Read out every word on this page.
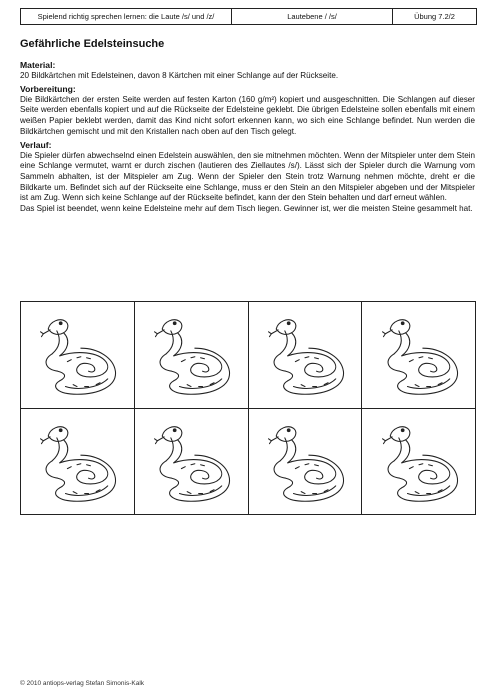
Spielend richtig sprechen lernen: die Laute /s/ und /z/	Lautebene / /s/	Übung 7.2/2
Gefährliche Edelsteinsuche
Material:

20 Bildkärtchen mit Edelsteinen, davon 8 Kärtchen mit einer Schlange auf der Rückseite.

Vorbereitung:

Die Bildkärtchen der ersten Seite werden auf festen Karton (160 g/m²) kopiert und ausgeschnitten. Die Schlangen auf dieser Seite werden ebenfalls kopiert und auf die Rückseite der Edelsteine geklebt. Die übrigen Edelsteine sollen ebenfalls mit einem weißen Papier beklebt werden, damit das Kind nicht sofort erkennen kann, wo sich eine Schlange befindet. Nun werden die Bildkärtchen gemischt und mit den Kristallen nach oben auf den Tisch gelegt.

Verlauf:

Die Spieler dürfen abwechselnd einen Edelstein auswählen, den sie mitnehmen möchten. Wenn der Mitspieler unter dem Stein eine Schlange vermutet, warnt er durch zischen (lautieren des Ziellautes /s/). Lässt sich der Spieler durch die Warnung vom Sammeln abhalten, ist der Mitspieler am Zug. Wenn der Spieler den Stein trotz Warnung nehmen möchte, dreht er die Bildkarte um. Befindet sich auf der Rückseite eine Schlange, muss er den Stein an den Mitspieler abgeben und der Mitspieler ist am Zug. Wenn sich keine Schlange auf der Rückseite befindet, kann der den Stein behalten und darf erneut wählen.

Das Spiel ist beendet, wenn keine Edelsteine mehr auf dem Tisch liegen. Gewinner ist, wer die meisten Steine gesammelt hat.

© 2010 antiops-verlag Stefan Simonis-Kalk
